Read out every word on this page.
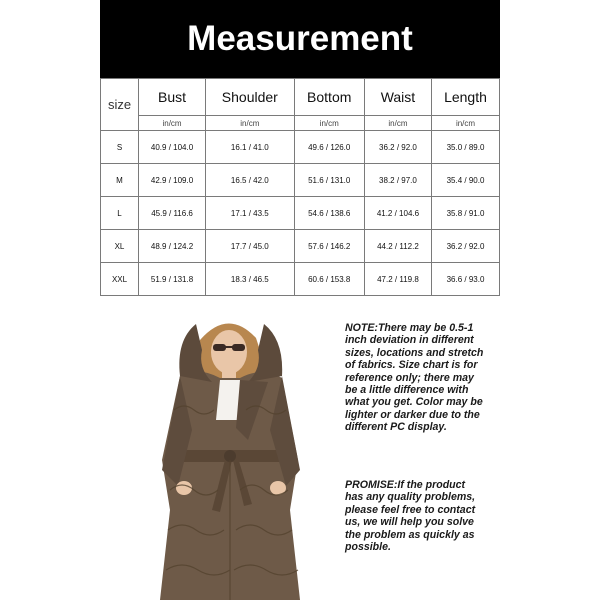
Measurement
size	Bust	Shoulder	Bottom	Waist	Length
	in/cm	in/cm	in/cm	in/cm	in/cm
S	40.9 / 104.0	16.1 / 41.0	49.6 / 126.0	36.2 / 92.0	35.0 / 89.0
M	42.9 / 109.0	16.5 / 42.0	51.6 / 131.0	38.2 / 97.0	35.4 / 90.0
L	45.9 / 116.6	17.1 / 43.5	54.6 / 138.6	41.2 / 104.6	35.8 / 91.0
XL	48.9 / 124.2	17.7 / 45.0	57.6 / 146.2	44.2 / 112.2	36.2 / 92.0
XXL	51.9 / 131.8	18.3 / 46.5	60.6 / 153.8	47.2 / 119.8	36.6 / 93.0
NOTE:There may be 0.5-1 inch deviation in different sizes, locations and stretch of fabrics. Size chart is for reference only; there may be a little difference with what you get. Color may be lighter or darker due to the different PC display.
PROMISE:If the product has any quality problems, please feel free to contact us, we will help you solve the problem as quickly as possible.
